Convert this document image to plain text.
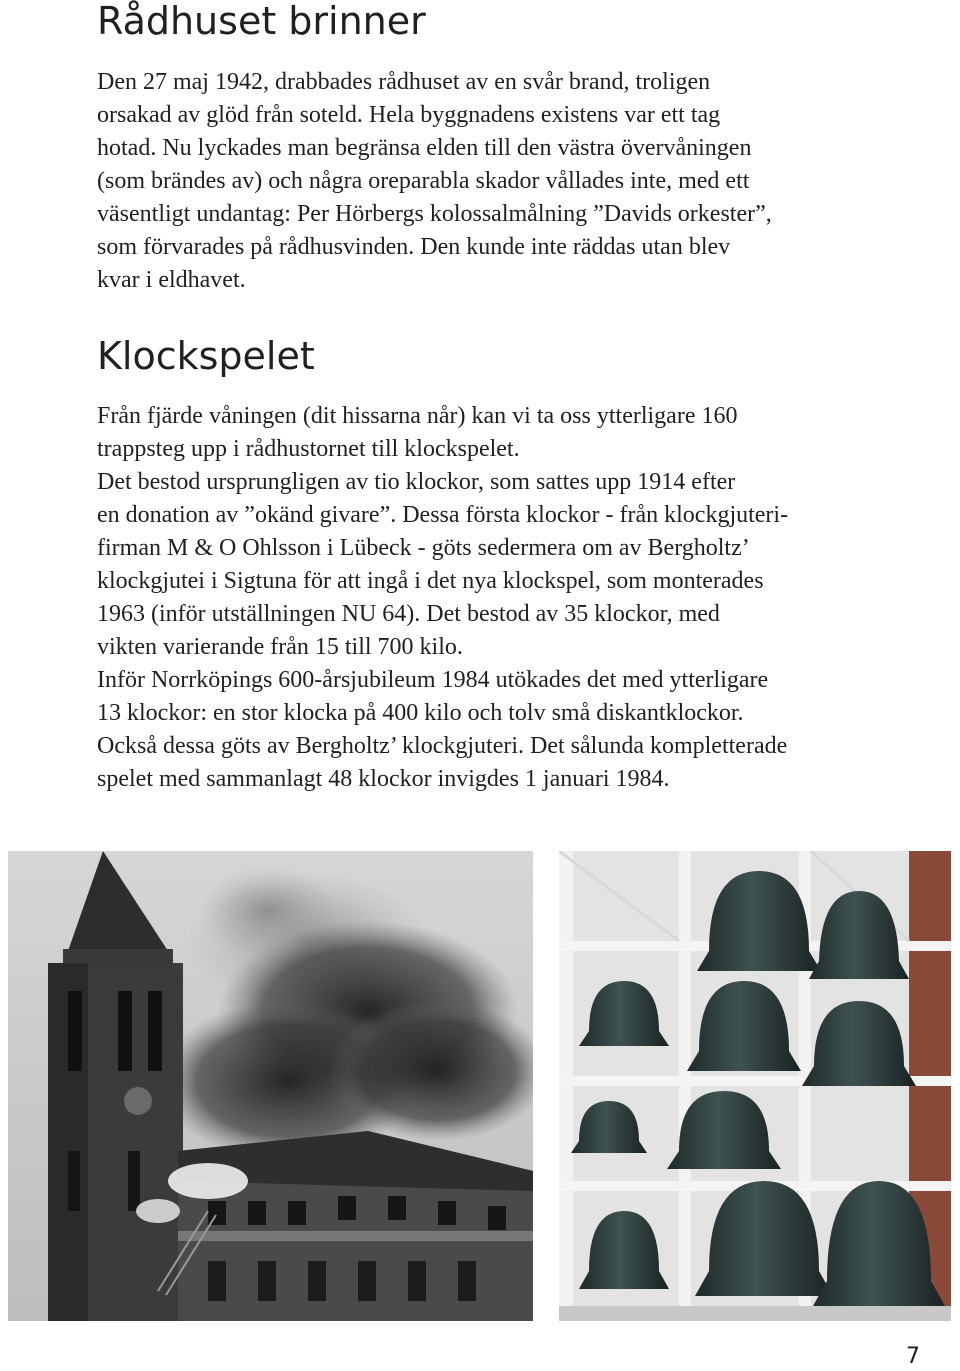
Rådhuset brinner
Den 27 maj 1942, drabbades rådhuset av en svår brand, troligen
orsakad av glöd från soteld. Hela byggnadens existens var ett tag
hotad. Nu lyckades man begränsa elden till den västra övervåningen
(som brändes av) och några oreparabla skador vållades inte, med ett
väsentligt undantag: Per Hörbergs kolossalmålning ”Davids orkester”,
som förvarades på rådhusvinden. Den kunde inte räddas utan blev
kvar i eldhavet.
Klockspelet
Från fjärde våningen (dit hissarna når) kan vi ta oss ytterligare 160
trappsteg upp i rådhustornet till klockspelet.
Det bestod ursprungligen av tio klockor, som sattes upp 1914 efter
en donation av ”okänd givare”. Dessa första klockor - från klockgjuteri-
firman M & O Ohlsson i Lübeck - göts sedermera om av Bergholtz’
klockgjutei i Sigtuna för att ingå i det nya klockspel, som monterades
1963 (inför utställningen NU 64). Det bestod av 35 klockor, med
vikten varierande från 15 till 700 kilo.
Inför Norrköpings 600-årsjubileum 1984 utökades det med ytterligare
13 klockor: en stor klocka på 400 kilo och tolv små diskantklockor.
Också dessa göts av Bergholtz’ klockgjuteri. Det sålunda kompletterade
spelet med sammanlagt 48 klockor invigdes 1 januari 1984.
7
